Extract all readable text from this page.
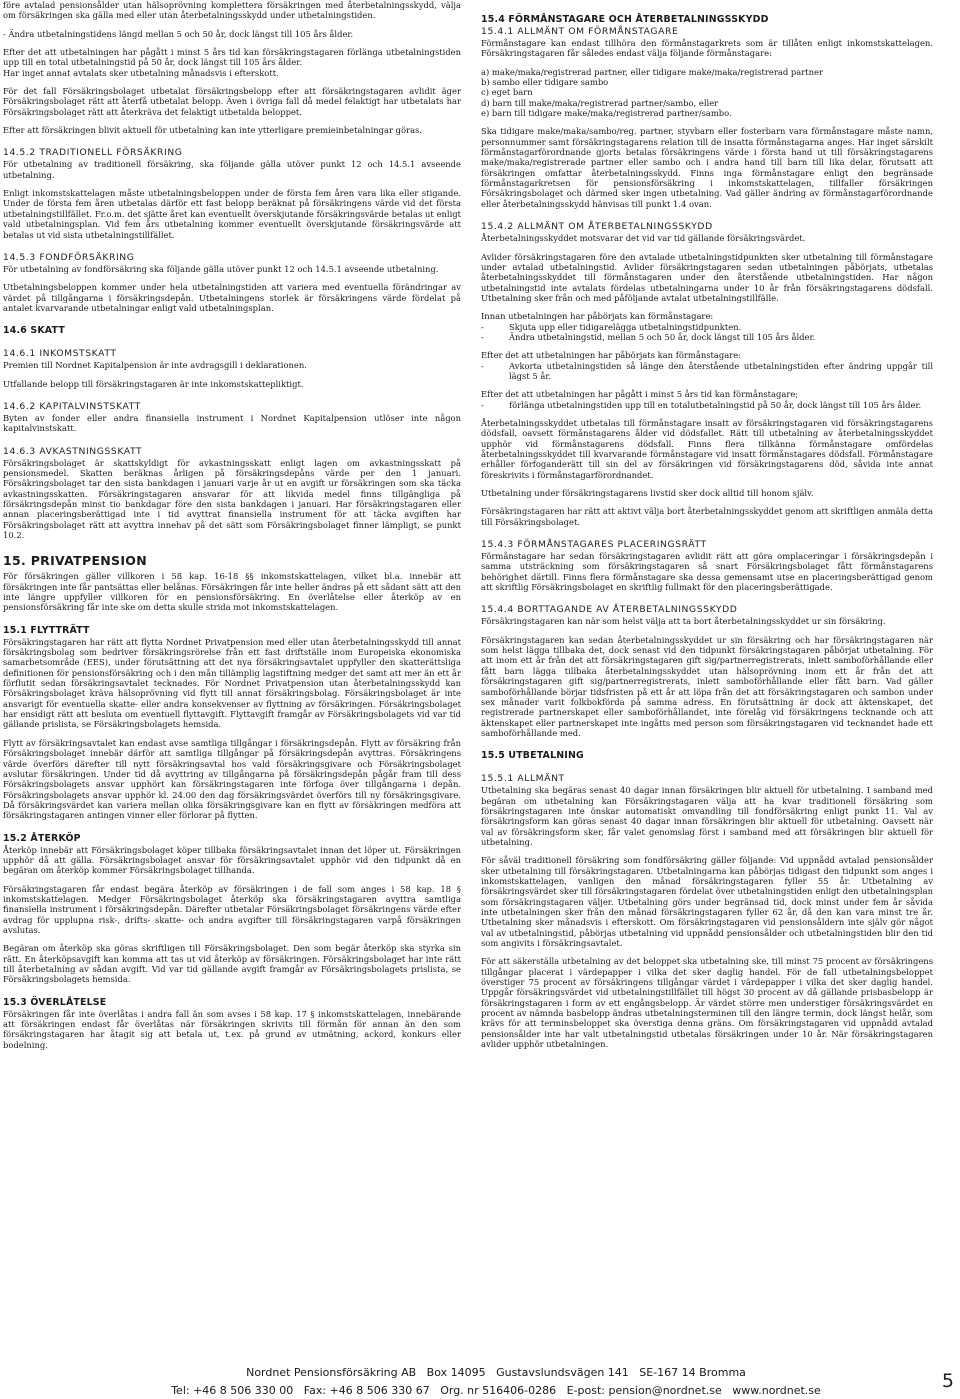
före avtalad pensionsålder utan hälsoprövning komplettera försäkringen med återbetalningsskydd, välja om försäkringen ska gälla med eller utan återbetalningsskydd under utbetalningstiden.

- Ändra utbetalningstidens längd mellan 5 och 50 år, dock längst till 105 års ålder.

Efter det att utbetalningen har pågått i minst 5 års tid kan försäkringstagaren förlänga utbetalningstiden upp till en total utbetalningstid på 50 år, dock längst till 105 års ålder.

Har inget annat avtalats sker utbetalning månadsvis i efterskott.

För det fall Försäkringsbolaget utbetalat försäkringsbelopp efter att försäkringstagaren avlidit äger Försäkringsbolaget rätt att återfå utbetalat belopp. Även i övriga fall då medel felaktigt har utbetalats har Försäkringsbolaget rätt att återkräva det felaktigt utbetalda beloppet.

Efter att försäkringen blivit aktuell för utbetalning kan inte ytterligare premieinbetalningar göras.

14.5.2 TRADITIONELL FÖRSÄKRING

För utbetalning av traditionell försäkring, ska följande gälla utöver punkt 12 och 14.5.1 avseende utbetalning.

Enligt inkomstskattelagen måste utbetalningsbeloppen under de första fem åren vara lika eller stigande. Under de första fem åren utbetalas därför ett fast belopp beräknat på försäkringens värde vid det första utbetalningstillfället. Fr.o.m. det sjätte året kan eventuellt överskjutande försäkringsvärde betalas ut enligt vald utbetalningsplan. Vid fem års utbetalning kommer eventuellt överskjutande försäkringsvärde att betalas ut vid sista utbetalningstillfället.

14.5.3 FONDFÖRSÄKRING

För utbetalning av fondförsäkring ska följande gälla utöver punkt 12 och 14.5.1 avseende utbetalning.

Utbetalningsbeloppen kommer under hela utbetalningstiden att variera med eventuella förändringar av värdet på tillgångarna i försäkringsdepån. Utbetalningens storlek är försäkringens värde fördelat på antalet kvarvarande utbetalningar enligt vald utbetalningsplan.

14.6 SKATT
14.6.1 INKOMSTSKATT

Premien till Nordnet Kapitalpension är inte avdragsgill i deklarationen.

Utfallande belopp till försäkringstagaren är inte inkomstskattepliktigt.

14.6.2 KAPITALVINSTSKATT

Byten av fonder eller andra finansiella instrument i Nordnet Kapitalpension utlöser inte någon kapitalvinstskatt.

14.6.3 AVKASTNINGSSKATT

Försäkringsbolaget är skattskyldigt för avkastningsskatt enligt lagen om avkastningsskatt på pensionsmedel. Skatten beräknas årligen på försäkringsdepåns värde per den 1 januari. Försäkringsbolaget tar den sista bankdagen i januari varje år ut en avgift ur försäkringen som ska täcka avkastningsskatten. Försäkringstagaren ansvarar för att likvida medel finns tillgängliga på försäkringsdepån minst tio bankdagar före den sista bankdagen i januari. Har försäkringstagaren eller annan placeringsberättigad inte i tid avyttrat finansiella instrument för att täcka avgiften har Försäkringsbolaget rätt att avyttra innehav på det sätt som Försäkringsbolaget finner lämpligt, se punkt 10.2.

15. PRIVATPENSION

För försäkringen gäller villkoren i 58 kap. 16-18 §§ inkomstskattelagen, vilket bl.a. innebär att försäkringen inte får pantsättas eller belånas. Försäkringen får inte heller ändras på ett sådant sätt att den inte längre uppfyller villkoren för en pensionsförsäkring. En överlåtelse eller återköp av en pensionsförsäkring får inte ske om detta skulle strida mot inkomstskattelagen.

15.1 FLYTTRÄTT

Försäkringstagaren har rätt att flytta Nordnet Privatpension med eller utan återbetalningsskydd till annat försäkringsbolag som bedriver försäkringsrörelse från ett fast driftställe inom Europeiska ekonomiska samarbetsområde (EES), under förutsättning att det nya försäkringsavtalet uppfyller den skatterättsliga definitionen för pensionsförsäkring och i den mån tillämplig lagstiftning medger det samt att mer än ett år förflutit sedan försäkringsavtalet tecknades. För Nordnet Privatpension utan återbetalningsskydd kan Försäkringsbolaget kräva hälsoprövning vid flytt till annat försäkringsbolag. Försäkringsbolaget är inte ansvarigt för eventuella skatte- eller andra konsekvenser av flyttning av försäkringen. Försäkringsbolaget har ensidigt rätt att besluta om eventuell flyttavgift. Flyttavgift framgår av Försäkringsbolagets vid var tid gällande prislista, se Försäkringsbolagets hemsida.

Flytt av försäkringsavtalet kan endast avse samtliga tillgångar i försäkringsdepån. Flytt av försäkring från Försäkringsbolaget innebär därför att samtliga tillgångar på försäkringsdepån avyttras. Försäkringens värde överförs därefter till nytt försäkringsavtal hos vald försäkringsgivare och Försäkringsbolaget avslutar försäkringen. Under tid då avyttring av tillgångarna på försäkringsdepån pågår fram till dess Försäkringsbolagets ansvar upphört kan försäkringstagaren inte förfoga över tillgångarna i depån. Försäkringsbolagets ansvar upphör kl. 24.00 den dag försäkringsvärdet överförs till ny försäkringsgivare. Då försäkringsvärdet kan variera mellan olika försäkringsgivare kan en flytt av försäkringen medföra att försäkringstagaren antingen vinner eller förlorar på flytten.

15.2 ÅTERKÖP

Återköp innebär att Försäkringsbolaget köper tillbaka försäkringsavtalet innan det löper ut. Försäkringen upphör då att gälla. Försäkringsbolaget ansvar för försäkringsavtalet upphör vid den tidpunkt då en begäran om återköp kommer Försäkringsbolaget tillhanda.

Försäkringstagaren får endast begära återköp av försäkringen i de fall som anges i 58 kap. 18 § inkomstskattelagen. Medger Försäkringsbolaget återköp ska försäkringstagaren avyttra samtliga finansiella instrument i försäkringsdepån. Därefter utbetalar Försäkringsbolaget försäkringens värde efter avdrag för upplupna risk-, drifts- skatte- och andra avgifter till försäkringstagaren varpå försäkringen avslutas.

Begäran om återköp ska göras skriftligen till Försäkringsbolaget. Den som begär återköp ska styrka sin rätt. En återköpsavgift kan komma att tas ut vid återköp av försäkringen. Försäkringsbolaget har inte rätt till återbetalning av sådan avgift. Vid var tid gällande avgift framgår av Försäkringsbolagets prislista, se Försäkringsbolagets hemsida.

15.3 ÖVERLÅTELSE

Försäkringen får inte överlåtas i andra fall än som avses i 58 kap. 17 § inkomstskattelagen, innebärande att försäkringen endast får överlåtas när försäkringen skrivits till förmån för annan än den som försäkringstagaren har åtagit sig att betala ut, t.ex. på grund av utmätning, ackord, konkurs eller bodelning.

15.4 FÖRMÅNSTAGARE OCH ÅTERBETALNINGSSKYDD
15.4.1 ALLMÄNT OM FÖRMÅNSTAGARE

Förmånstagare kan endast tillhöra den förmånstagarkrets som är tillåten enligt inkomstskattelagen. Försäkringstagaren får således endast välja följande förmånstagare:

a) make/maka/registrerad partner, eller tidigare make/maka/registrerad partner
b) sambo eller tidigare sambo
c) eget barn
d) barn till make/maka/registrerad partner/sambo, eller
e) barn till tidigare make/maka/registrerad partner/sambo.

Ska tidigare make/maka/sambo/reg. partner, styvbarn eller fosterbarn vara förmånstagare måste namn, personnummer samt försäkringstagarens relation till de insatta förmånstagarna anges. Har inget särskilt förmånstagarförordnande gjorts betalas försäkringens värde i första hand ut till försäkringstagarens make/maka/registrerade partner eller sambo och i andra hand till barn till lika delar, förutsatt att försäkringen omfattar återbetalningsskydd. Finns inga förmånstagare enligt den begränsade förmånstagarkretsen för pensionsförsäkring i inkomstskattelagen, tillfaller försäkringen Försäkringsbolaget och därmed sker ingen utbetalning. Vad gäller ändring av förmånstagarförordnande eller återbetalningsskydd hänvisas till punkt 1.4 ovan.

15.4.2 ALLMÄNT OM ÅTERBETALNINGSSKYDD

Återbetalningsskyddet motsvarar det vid var tid gällande försäkringsvärdet.

Avlider försäkringstagaren före den avtalade utbetalningstidpunkten sker utbetalning till förmånstagare under avtalad utbetalningstid. Avlider försäkringstagaren sedan utbetalningen påbörjats, utbetalas återbetalningsskyddet till förmånstagaren under den återstående utbetalningstiden. Har någon utbetalningstid inte avtalats fördelas utbetalningarna under 10 år från försäkringstagarens dödsfall. Utbetalning sker från och med påföljande avtalat utbetalningstillfälle.

Innan utbetalningen har påbörjats kan förmånstagare:
-	Skjuta upp eller tidigarelägga utbetalningstidpunkten.
-	Ändra utbetalningstid, mellan 5 och 50 år, dock längst till 105 års ålder.
Efter det att utbetalningen har påbörjats kan förmånstagare:
-	Avkorta utbetalningstiden så länge den återstående utbetalningstiden efter ändring uppgår till lägst 5 år.
Efter det att utbetalningen har pågått i minst 5 års tid kan förmånstagare;
-	förlänga utbetalningstiden upp till en totalutbetalningstid på 50 år, dock längst till 105 års ålder.

Återbetalningsskyddet utbetalas till förmånstagare insatt av försäkringstagaren vid försäkringstagarens dödsfall, oavsett förmånstagarens ålder vid dödsfallet. Rätt till utbetalning av återbetalningsskyddet upphör vid förmånstagarens dödsfall. Finns flera tillkänna förmånstagare omfördelas återbetalningsskyddet till kvarvarande förmånstagare vid insatt förmånstagares dödsfall. Förmånstagare erhåller förfoganderätt till sin del av försäkringen vid försäkringstagarens död, såvida inte annat föreskrivits i förmånstagarförordnandet.

Utbetalning under försäkringstagarens livstid sker dock alltid till honom själv.

Försäkringstagaren har rätt att aktivt välja bort återbetalningsskyddet genom att skriftligen anmäla detta till Försäkringsbolaget.

15.4.3 FÖRMÅNSTAGARES PLACERINGSRÄTT

Förmånstagare har sedan försäkringstagaren avlidit rätt att göra omplaceringar i försäkringsdepån i samma utsträckning som försäkringstagaren så snart Försäkringsbolaget fått förmånstagarens behörighet därtill. Finns flera förmånstagare ska dessa gemensamt utse en placeringsberättigad genom att skriftlig Försäkringsbolaget en skriftlig fullmakt för den placeringsberättigade.

15.4.4 BORTTAGANDE AV ÅTERBETALNINGSSKYDD

Försäkringstagaren kan när som helst välja att ta bort återbetalningsskyddet ur sin försäkring.

Försäkringstagaren kan sedan återbetalningsskyddet ur sin försäkring och har försäkringstagaren när som helst lägga tillbaka det, dock senast vid den tidpunkt försäkringstagaren påbörjat utbetalning. För att inom ett år från det att försäkringstagaren gift sig/partnerregistrerats, inlett samboförhållande eller fått barn lägga tillbaka återbetalningsskyddet utan hälsoprövning inom ett år från det att försäkringstagaren gift sig/partnerregistrerats, inlett samboförhållande eller fått barn. Vad gäller samboförhållande börjar tidsfristen på ett år att löpa från det att försäkringstagaren och sambon under sex månader varit folkbokförda på samma adress. En förutsättning är dock att äktenskapet, det registrerade partnerskapet eller samboförhållandet, inte förelåg vid försäkringens tecknande och att äktenskapet eller partnerskapet inte ingåtts med person som försäkringstagaren vid tecknandet hade ett samboförhållande med.

15.5 UTBETALNING
15.5.1 ALLMÄNT

Utbetalning ska begäras senast 40 dagar innan försäkringen blir aktuell för utbetalning. I samband med begäran om utbetalning kan Försäkringstagaren välja att ha kvar traditionell försäkring som försäkringstagaren inte önskar automatiskt omvandling till fondförsäkring enligt punkt 11. Val av försäkringsform kan göras senast 40 dagar innan försäkringen blir aktuell för utbetalning. Oavsett när val av försäkringsform sker, får valet genomslag först i samband med att försäkringen blir aktuell för utbetalning.

För såväl traditionell försäkring som fondförsäkring gäller följande: Vid uppnådd avtalad pensionsålder sker utbetalning till försäkringstagaren. Utbetalningarna kan påbörjas tidigast den tidpunkt som anges i inkomstskattelagen, vanligen den månad försäkringstagaren fyller 55 år. Utbetalning av försäkringsvärdet sker till försäkringstagaren fördelat över utbetalningstiden enligt den utbetalningsplan som försäkringstagaren väljer. Utbetalning görs under begränsad tid, dock minst under fem år såvida inte utbetalningen sker från den månad försäkringstagaren fyller 62 år, då den kan vara minst tre år. Utbetalning sker månadsvis i efterskott. Om försäkringstagaren vid pensionsåldern inte själv gör något val av utbetalningstid, påbörjas utbetalning vid uppnådd pensionsålder och utbetalningstiden blir den tid som angivits i försäkringsavtalet.

För att säkerställa utbetalning av det beloppet ska utbetalning ske, till minst 75 procent av försäkringens tillgångar placerat i värdepapper i vilka det sker daglig handel. För de fall utbetalningsbeloppet överstiger 75 procent av försäkringens tillgångar värdet i värdepapper i vilka det sker daglig handel. Uppgår försäkringsvärdet vid utbetalningstillfället till högst 30 procent av då gällande prisbasbelopp är försäkringstagaren i form av ett engångsbelopp. Är värdet större men understiger försäkringsvärdet en procent av nämnda basbelopp ändras utbetalningsterminen till den längre termin, dock längst helår, som krävs för att terminsbeloppet ska överstiga denna gräns. Om försäkringstagaren vid uppnådd avtalad pensionsålder inte har valt utbetalningstid utbetalas försäkringen under 10 år. När försäkringstagaren avlider upphör utbetalningen.

Nordnet Pensionsförsäkring AB   Box 14095   Gustavslundsvägen 141   SE-167 14 Bromma
Tel: +46 8 506 330 00   Fax: +46 8 506 330 67   Org. nr 516406-0286   E-post: pension@nordnet.se   www.nordnet.se	5
